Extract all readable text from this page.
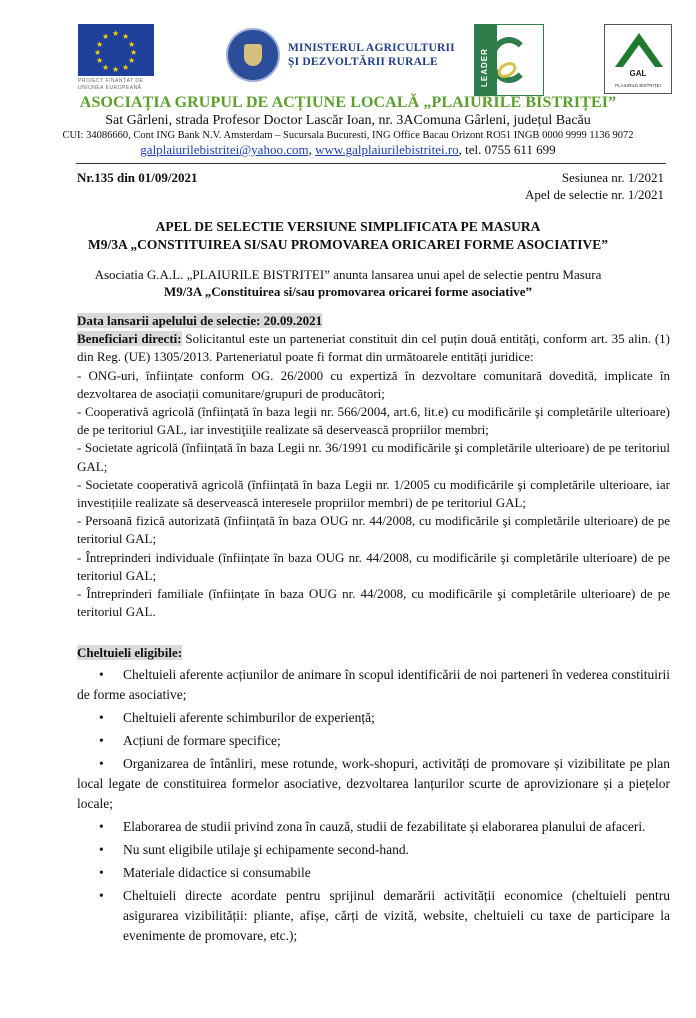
★ ★
★
★
★
★
★
★
★
★
★
★
PROIECT FINANȚAT DE
UNIUNEA EUROPEANĂ
MINISTERUL AGRICULTURII
ȘI DEZVOLTĂRII RURALE	LEADER	GAL
PLAIURILE BISTRIȚEI
ASOCIAȚIA GRUPUL DE ACȚIUNE LOCALĂ „PLAIURILE BISTRIȚEI”
Sat Gârleni, strada Profesor Doctor Lascăr Ioan, nr. 3AComuna Gârleni, județul Bacău
CUI: 34086660, Cont ING Bank N.V. Amsterdam – Sucursala Bucuresti, ING Office Bacau Orizont RO51 INGB 0000 9999 1136 9072
galplaiurilebistritei@yahoo.com, www.galplaiurilebistritei.ro, tel. 0755 611 699
Nr.135 din 01/09/2021	Sesiunea nr. 1/2021
Apel de selectie nr. 1/2021
APEL DE SELECTIE VERSIUNE SIMPLIFICATA PE MASURA
M9/3A „CONSTITUIREA SI/SAU PROMOVAREA ORICAREI FORME ASOCIATIVE”
Asociatia G.A.L. „PLAIURILE BISTRITEI” anunta lansarea unui apel de selectie pentru Masura
M9/3A „Constituirea si/sau promovarea oricarei forme asociative”
Data lansarii apelului de selectie: 20.09.2021
Beneficiari directi: Solicitantul este un parteneriat constituit din cel puțin două entități, conform art. 35 alin. (1) din Reg. (UE) 1305/2013. Parteneriatul poate fi format din următoarele entități juridice:
- ONG-uri, înființate conform OG. 26/2000 cu expertiză în dezvoltare comunitară dovedită, implicate în dezvoltarea de asociații comunitare/grupuri de producători;
- Cooperativă agricolă (înființată în baza legii nr. 566/2004, art.6, lit.e) cu modificările şi completările ulterioare) de pe teritoriul GAL, iar investiţiile realizate să deservească propriilor membri;
- Societate agricolă (înființată în baza Legii nr. 36/1991 cu modificările şi completările ulterioare) de pe teritoriul GAL;
- Societate cooperativă agricolă (înființată în baza Legii nr. 1/2005 cu modificările şi completările ulterioare, iar investițiile realizate să deservească interesele propriilor membri) de pe teritoriul GAL;
- Persoană fizică autorizată (înființată în baza OUG nr. 44/2008, cu modificările şi completările ulterioare) de pe teritoriul GAL;
- Întreprinderi individuale (înființate în baza OUG nr. 44/2008, cu modificările şi completările ulterioare) de pe teritoriul GAL;
- Întreprinderi familiale (înființate în baza OUG nr. 44/2008, cu modificările şi completările ulterioare) de pe teritoriul GAL.
Cheltuieli eligibile:
• Cheltuieli aferente acțiunilor de animare în scopul identificării de noi parteneri în vederea constituirii de forme asociative;
• Cheltuieli aferente schimburilor de experiență;
• Acțiuni de formare specifice;
• Organizarea de întânliri, mese rotunde, work-shopuri, activități de promovare și vizibilitate pe plan local legate de constituirea formelor asociative, dezvoltarea lanțurilor scurte de aprovizionare și a piețelor locale;
• Elaborarea de studii privind zona în cauză, studii de fezabilitate și elaborarea planului de afaceri.
• Nu sunt eligibile utilaje şi echipamente second-hand.
• Materiale didactice si consumabile
• Cheltuieli directe acordate pentru sprijinul demarării activității economice (cheltuieli pentru asigurarea vizibilității: pliante, afișe, cărți de vizită, website, cheltuieli cu taxe de participare la evenimente de promovare, etc.);
